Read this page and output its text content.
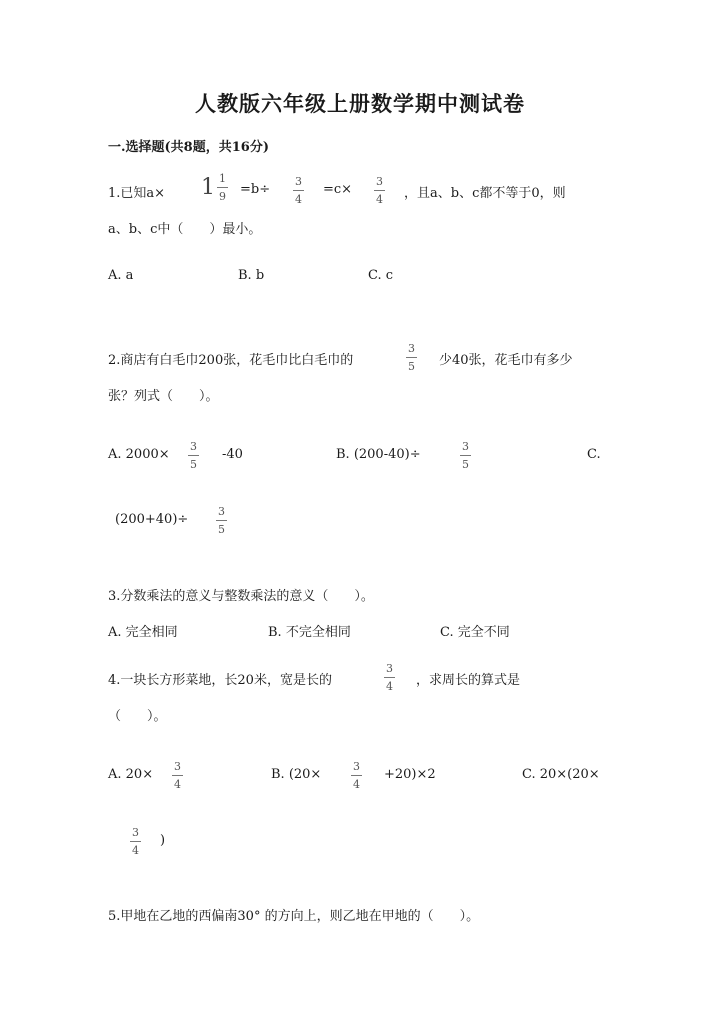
人教版六年级上册数学期中测试卷
一.选择题(共8题，共16分)
1.已知$a\times 1 \frac{1}{9} =b\div$
3
4
=c×
3
4 ，且a、b、c都不等于0，则
a、b、c中（　　）最小。
A. a	B. b	C. c
2.商店有白毛巾200张，花毛巾比白毛巾的
3
5 少40张，花毛巾有多少
张？列式（　　）。
A. 2000×
3
5
-40	B. (200-40)÷
3
5
C.
(200+40)÷
3
5
3.分数乘法的意义与整数乘法的意义（　　）。
A. 完全相同	B. 不完全相同	C. 完全不同
4.一块长方形菜地，长20米，宽是长的
3
4 ，求周长的算式是
（　　）。
A. 20×
3
4
B. (20×
3
4
+20)×2	C. 20×(20×
3
4
)
5.甲地在乙地的西偏南30° 的方向上，则乙地在甲地的（　　）。
